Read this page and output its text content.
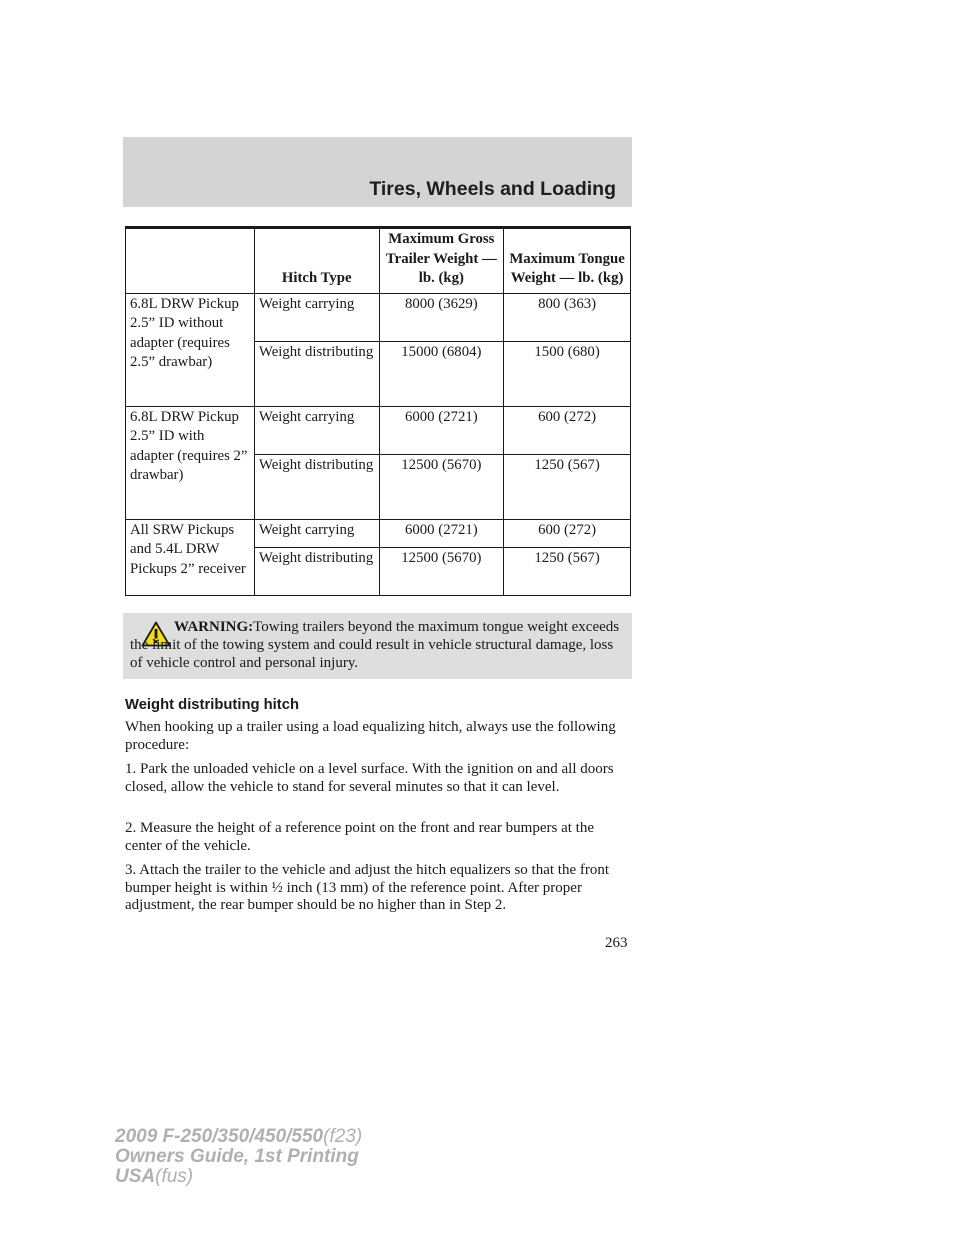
Tires, Wheels and Loading
	Hitch Type	Maximum Gross Trailer Weight — lb. (kg)	Maximum Tongue Weight — lb. (kg)
6.8L DRW Pickup 2.5” ID without adapter (requires 2.5” drawbar)	Weight carrying	8000 (3629)	800 (363)
	Weight distributing	15000 (6804)	1500 (680)
6.8L DRW Pickup 2.5” ID with adapter (requires 2” drawbar)	Weight carrying	6000 (2721)	600 (272)
	Weight distributing	12500 (5670)	1250 (567)
All SRW Pickups and 5.4L DRW Pickups 2” receiver	Weight carrying	6000 (2721)	600 (272)
	Weight distributing	12500 (5670)	1250 (567)
WARNING:Towing trailers beyond the maximum tongue weight exceeds the limit of the towing system and could result in vehicle structural damage, loss of vehicle control and personal injury.
Weight distributing hitch

When hooking up a trailer using a load equalizing hitch, always use the following procedure:

1. Park the unloaded vehicle on a level surface. With the ignition on and all doors closed, allow the vehicle to stand for several minutes so that it can level.

2. Measure the height of a reference point on the front and rear bumpers at the center of the vehicle.

3. Attach the trailer to the vehicle and adjust the hitch equalizers so that the front bumper height is within ½ inch (13 mm) of the reference point. After proper adjustment, the rear bumper should be no higher than in Step 2.

263
2009 F-250/350/450/550(f23)
Owners Guide, 1st Printing
USA(fus)
